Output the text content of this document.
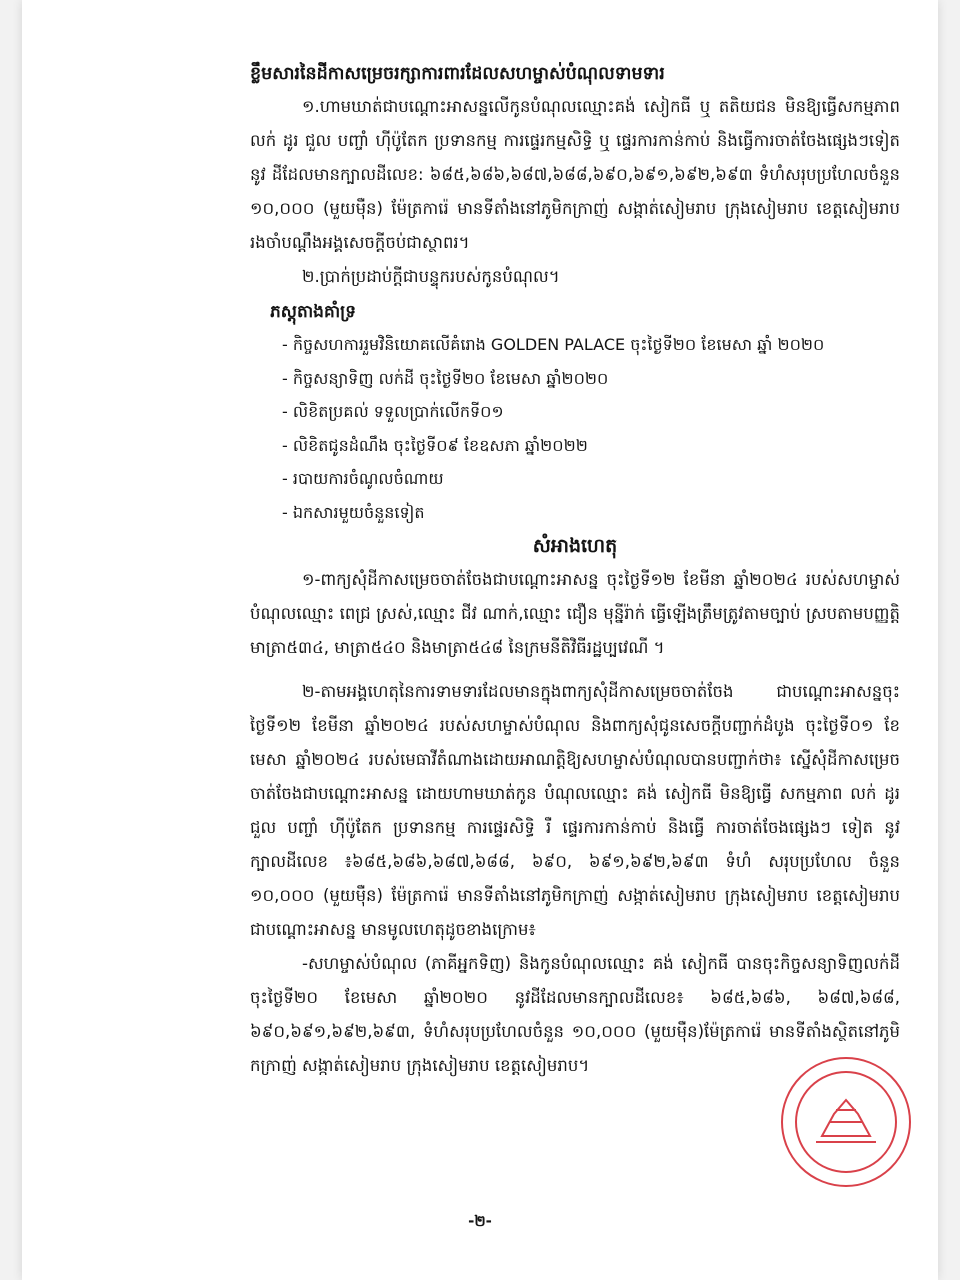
ខ្លឹមសារនៃដីកាសម្រេចរក្សាការពារដែលសហម្ចាស់បំណុលទាមទារ

១.ហាមឃាត់ជាបណ្តោះអាសន្នលើកូនបំណុលឈ្មោះគង់ សៀកធី ឬ តតិយជន មិនឱ្យធ្វើសកម្មភាពលក់ ដូរ ជួល បញ្ចាំ ហ៊ីប៉ូតែក ប្រទានកម្ម ការផ្ទេរកម្មសិទ្ធិ ឬ ផ្ទេរការកាន់កាប់ និងធ្វើការចាត់ចែងផ្សេងៗទៀតនូវ ដីដែលមានក្បាលដីលេខ: ៦៨៥,៦៨៦,៦៨៧,៦៨៨,៦៩០,៦៩១,៦៩២,៦៩៣ ទំហំសរុបប្រហែលចំនួន ១០,០០០ (មួយម៉ឺន) ម៉ែត្រការ៉េ មានទីតាំងនៅភូមិកក្រាញ់ សង្កាត់សៀមរាប ក្រុងសៀមរាប ខេត្តសៀមរាប រងចាំបណ្តឹងអង្គសេចក្តីចប់ជាស្ថាពរ។

២.ប្រាក់ប្រដាប់ក្តីជាបន្ទុករបស់កូនបំណុល។

ភស្តុតាងគាំទ្រ

- កិច្ចសហការរួមវិនិយោគលើគំរោង GOLDEN PALACE ចុះថ្ងៃទី២០ ខែមេសា ឆ្នាំ ២០២០
- កិច្ចសន្យាទិញ លក់ដី ចុះថ្ងៃទី២០ ខែមេសា ឆ្នាំ២០២០
- លិខិតប្រគល់ ទទួលប្រាក់លើកទី០១
- លិខិតជូនដំណឹង ចុះថ្ងៃទី០៩ ខែឧសភា ឆ្នាំ២០២២
- របាយការចំណូលចំណាយ
- ឯកសារមួយចំនួនទៀត

សំអាងហេតុ

១-ពាក្យសុំដីកាសម្រេចចាត់ចែងជាបណ្តោះអាសន្ន ចុះថ្ងៃទី១២ ខែមីនា ឆ្នាំ២០២៤ របស់សហម្ចាស់បំណុលឈ្មោះ ពេជ្រ ស្រស់,ឈ្មោះ ជីវ ណាក់,ឈ្មោះ ជឿន មុន្នីរ៉ាក់ ធ្វើឡើងត្រឹមត្រូវតាមច្បាប់ ស្របតាមបញ្ញត្តិមាត្រា៥៣៤, មាត្រា៥៤០ និងមាត្រា៥៤៨ នៃក្រមនីតិវិធីរដ្ឋប្បវេណី ។

២-តាមអង្គហេតុនៃការទាមទារដែលមានក្នុងពាក្យសុំដីកាសម្រេចចាត់ចែង ជាបណ្តោះអាសន្នចុះថ្ងៃទី១២ ខែមីនា ឆ្នាំ២០២៤ របស់សហម្ចាស់បំណុល និងពាក្យសុំជូនសេចក្តីបញ្ជាក់ដំបូង ចុះថ្ងៃទី០១ ខែមេសា ឆ្នាំ២០២៤ របស់មេធាវីតំណាងដោយអាណត្តិឱ្យសហម្ចាស់បំណុលបានបញ្ជាក់ថា៖ ស្នើសុំដីកាសម្រេចចាត់ចែងជាបណ្តោះអាសន្ន ដោយហាមឃាត់កូន បំណុលឈ្មោះ គង់ សៀកធី មិនឱ្យធ្វើ សកម្មភាព លក់ ដូរ ជួល បញ្ចាំ ហ៊ីប៉ូតែក ប្រទានកម្ម ការផ្ទេរសិទ្ធិ រឺ ផ្ទេរការកាន់កាប់ និងធ្វើ ការចាត់ចែងផ្សេងៗ ទៀត នូវ ក្បាលដីលេខ ៖៦៨៥,៦៨៦,៦៨៧,៦៨៨, ៦៩០, ៦៩១,៦៩២,៦៩៣ ទំហំ សរុបប្រហែល ចំនួន ១០,០០០ (មួយម៉ឺន) ម៉ែត្រការ៉េ មានទីតាំងនៅភូមិកក្រាញ់ សង្កាត់សៀមរាប ក្រុងសៀមរាប ខេត្តសៀមរាប ជាបណ្តោះអាសន្ន មានមូលហេតុដូចខាងក្រោម៖

-សហម្ចាស់បំណុល (ភាគីអ្នកទិញ) និងកូនបំណុលឈ្មោះ គង់ សៀកធី បានចុះកិច្ចសន្យាទិញលក់ដីចុះថ្ងៃទី២០ ខែមេសា ឆ្នាំ២០២០ នូវដីដែលមានក្បាលដីលេខ៖ ៦៨៥,៦៨៦, ៦៨៧,៦៨៨, ៦៩០,៦៩១,៦៩២,៦៩៣, ទំហំសរុបប្រហែលចំនួន ១០,០០០ (មួយម៉ឺន)ម៉ែត្រការ៉េ មានទីតាំងស្ថិតនៅភូមិកក្រាញ់ សង្កាត់សៀមរាប ក្រុងសៀមរាប ខេត្តសៀមរាប។

-២-
